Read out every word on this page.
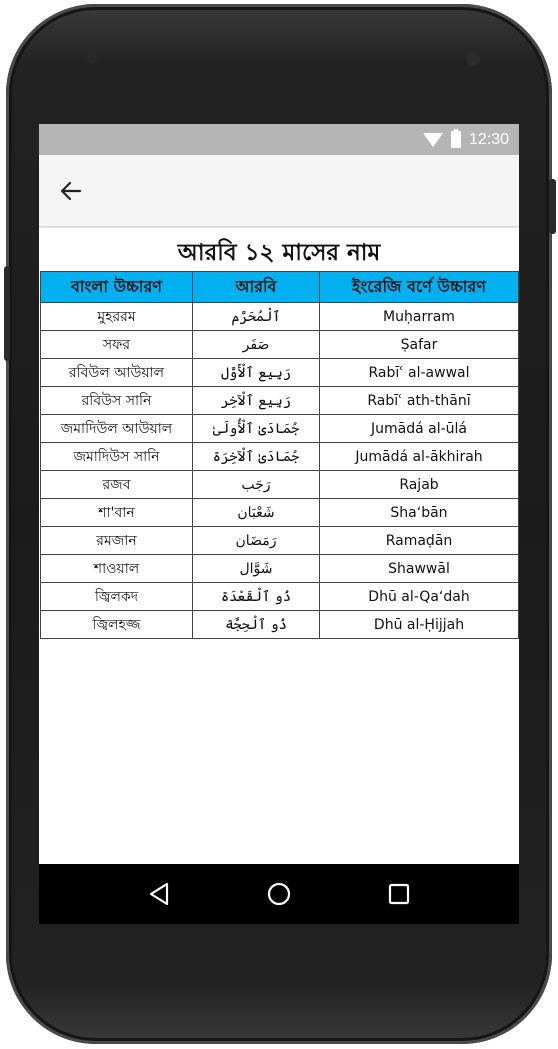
12:30
আরবি ১২ মাসের নাম
বাংলা উচ্চারণ	আরবি	ইংরেজি বর্ণে উচ্চারণ
মুহররম	ٱلْمُحَرَّم	Muḥarram
সফর	صَفَر	Ṣafar
রবিউল আউয়াল	رَبِيع ٱلْأَوَّل	Rabīʿ al-awwal
রবিউস সানি	رَبِيع ٱلْآخِر	Rabīʿ ath-thānī
জমাদিউল আউয়াল	جُمَادَىٰ ٱلْأُولَىٰ	Jumādá al-ūlá
জমাদিউস সানি	جُمَادَىٰ ٱلْآخِرَة	Jumādá al-ākhirah
রজব	رَجَب	Rajab
শা'বান	شَعْبَان	Shaʻbān
রমজান	رَمَضَان	Ramaḍān
শাওয়াল	شَوَّال	Shawwāl
জ্বিলকদ	ذُو ٱلْقَعْدَة	Dhū al-Qaʻdah
জ্বিলহজ্জ	ذُو ٱلْحِجَّة	Dhū al-Ḥijjah
